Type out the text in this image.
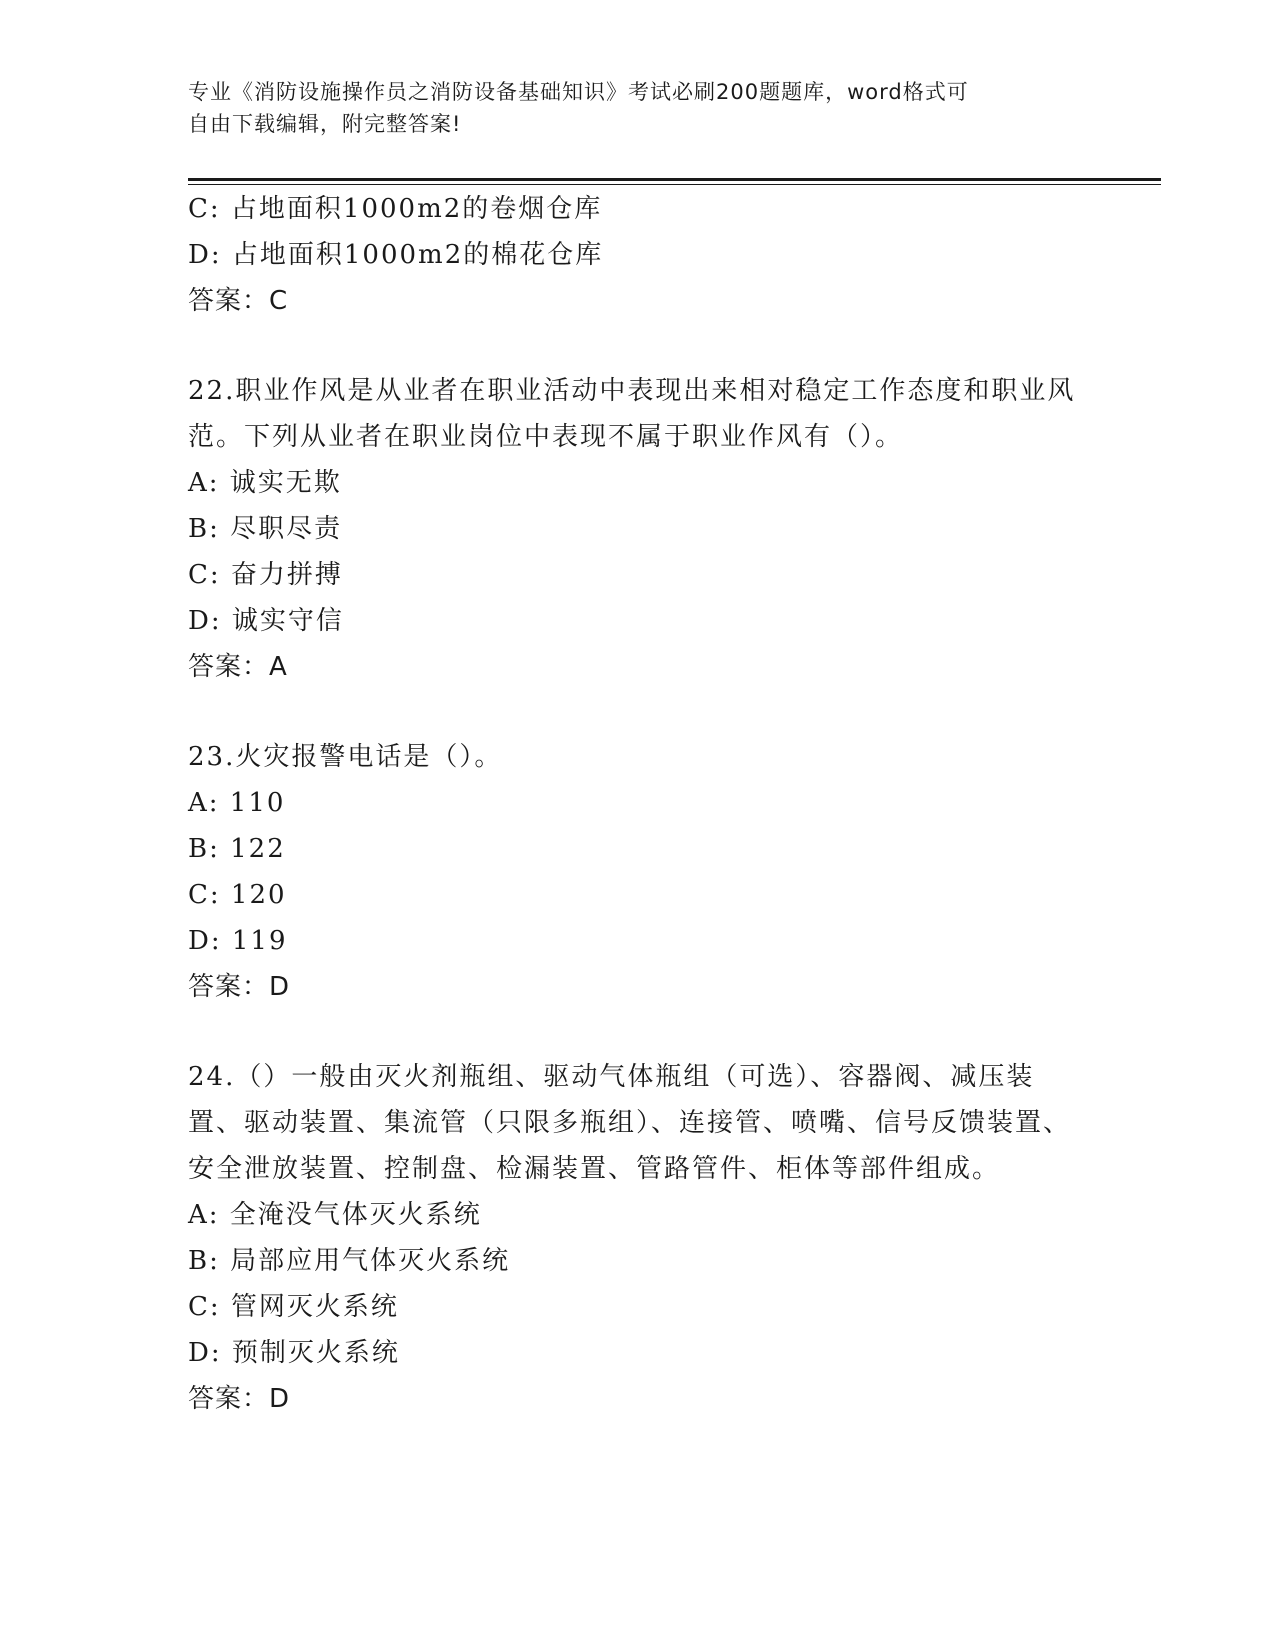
专业《消防设施操作员之消防设备基础知识》考试必刷200题题库，word格式可
自由下载编辑，附完整答案!
C: 占地面积1000m2的卷烟仓库
D: 占地面积1000m2的棉花仓库
答案：C
22.职业作风是从业者在职业活动中表现出来相对稳定工作态度和职业风范。下列从业者在职业岗位中表现不属于职业作风有（）。
A: 诚实无欺
B: 尽职尽责
C: 奋力拼搏
D: 诚实守信
答案：A
23.火灾报警电话是（）。
A: 110
B: 122
C: 120
D: 119
答案：D
24.（）一般由灭火剂瓶组、驱动气体瓶组（可选）、容器阀、减压装置、驱动装置、集流管（只限多瓶组）、连接管、喷嘴、信号反馈装置、安全泄放装置、控制盘、检漏装置、管路管件、柜体等部件组成。
A: 全淹没气体灭火系统
B: 局部应用气体灭火系统
C: 管网灭火系统
D: 预制灭火系统
答案：D
